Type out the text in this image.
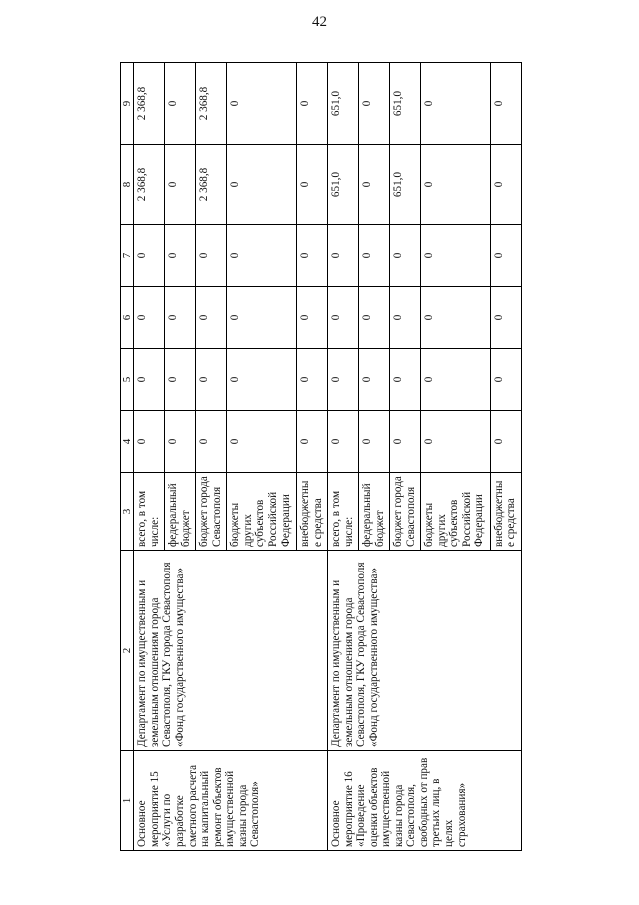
42
1	2	3	4	5	6	7	8	9
Основное мероприятие 15 «Услуги по разработке сметного расчета на капитальный ремонт объектов имущественной казны города Севастополя»	Департамент по имущественным и земельным отношениям города Севастополя, ГКУ города Севастополя «Фонд государственного имущества»	всего, в том числе:	0	0	0	0	2 368,8	2 368,8
		федеральный бюджет	0	0	0	0	0	0
		бюджет города Севастополя	0	0	0	0	2 368,8	2 368,8
		бюджеты других субъектов Российской Федерации	0	0	0	0	0	0
		внебюджетные средства	0	0	0	0	0	0
Основное мероприятие 16 «Проведение оценки объектов имущественной казны города Севастополя, свободных от прав третьих лиц, в целях страхования»	Департамент по имущественным и земельным отношениям города Севастополя, ГКУ города Севастополя «Фонд государственного имущества»	всего, в том числе:	0	0	0	0	651,0	651,0
		федеральный бюджет	0	0	0	0	0	0
		бюджет города Севастополя	0	0	0	0	651,0	651,0
		бюджеты других субъектов Российской Федерации	0	0	0	0	0	0
		внебюджетные средства	0	0	0	0	0	0
